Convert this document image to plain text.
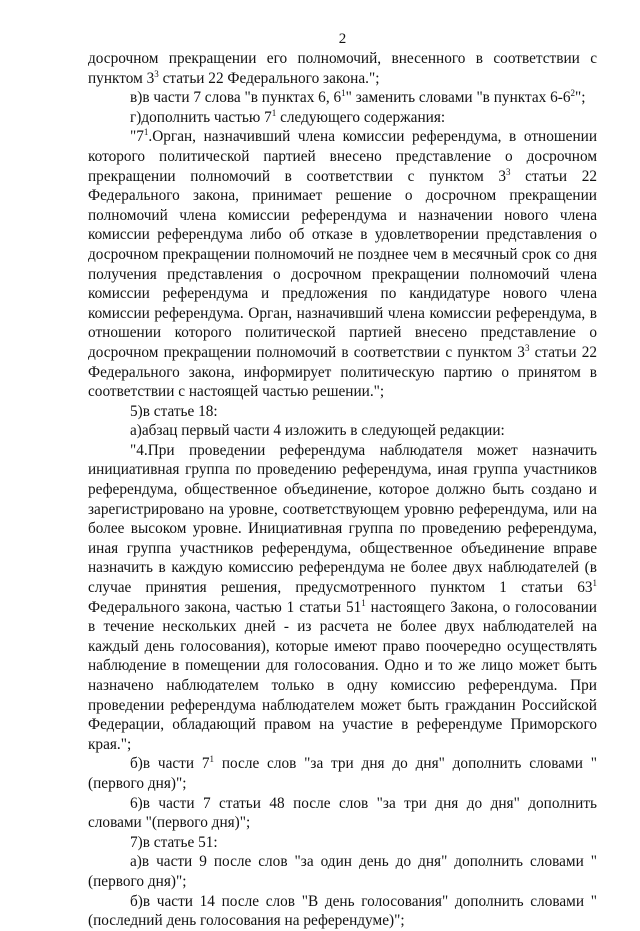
2

досрочном прекращении его полномочий, внесенного в соответствии с пунктом $3^3$ статьи 22 Федерального закона.";

в)в части 7 слова "в пунктах 6, $6^1$" заменить словами "в пунктах $6-6^2$";

г)дополнить частью $7^1$ следующего содержания:

"$7^1.Орган$, назначивший члена комиссии референдума, в отношении которого политической партией внесено представление о досрочном прекращении полномочий в соответствии с пунктом $3^3$ статьи 22 Федерального закона, принимает решение о досрочном прекращении полномочий члена комиссии референдума и назначении нового члена комиссии референдума либо об отказе в удовлетворении представления о досрочном прекращении полномочий не позднее чем в месячный срок со дня получения представления о досрочном прекращении полномочий члена комиссии референдума и предложения по кандидатуре нового члена комиссии референдума. Орган, назначивший члена комиссии референдума, в отношении которого политической партией внесено представление о досрочном прекращении полномочий в соответствии с пунктом $3^3$ статьи 22 Федерального закона, информирует политическую партию о принятом в соответствии с настоящей частью решении.";

5)в статье 18:

а)абзац первый части 4 изложить в следующей редакции:

"4.При проведении референдума наблюдателя может назначить инициативная группа по проведению референдума, иная группа участников референдума, общественное объединение, которое должно быть создано и зарегистрировано на уровне, соответствующем уровню референдума, или на более высоком уровне. Инициативная группа по проведению референдума, иная группа участников референдума, общественное объединение вправе назначить в каждую комиссию референдума не более двух наблюдателей (в случае принятия решения, предусмотренного пунктом 1 статьи $63^1$ Федерального закона, частью 1 статьи $51^1$ настоящего Закона, о голосовании в течение нескольких дней - из расчета не более двух наблюдателей на каждый день голосования), которые имеют право поочередно осуществлять наблюдение в помещении для голосования. Одно и то же лицо может быть назначено наблюдателем только в одну комиссию референдума. При проведении референдума наблюдателем может быть гражданин Российской Федерации, обладающий правом на участие в референдуме Приморского края.";

б)в части $7^1$ после слов "за три дня до дня" дополнить словами "(первого дня)";

6)в части 7 статьи 48 после слов "за три дня до дня" дополнить словами "(первого дня)";

7)в статье 51:

а)в части 9 после слов "за один день до дня" дополнить словами "(первого дня)";

б)в части 14 после слов "В день голосования" дополнить словами "(последний день голосования на референдуме)";
